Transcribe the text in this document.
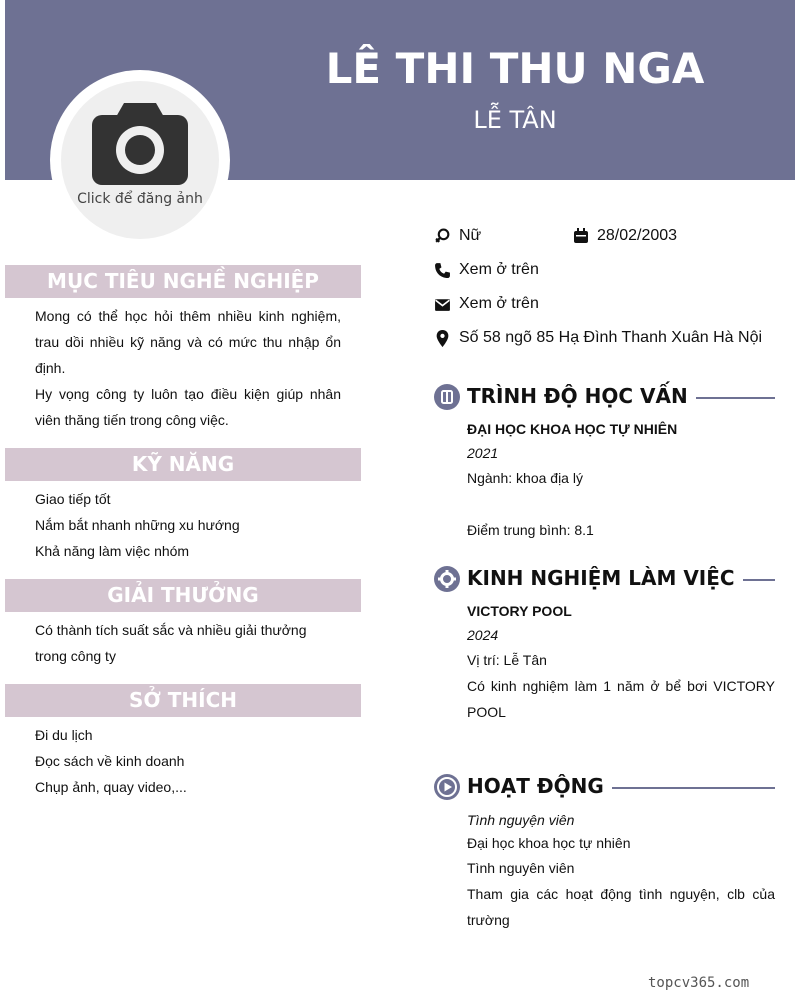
LÊ THI THU NGA
LỄ TÂN
Click để đăng ảnh
MỤC TIÊU NGHỀ NGHIỆP
Mong có thể học hỏi thêm nhiều kinh nghiệm, trau dồi nhiều kỹ năng và có mức thu nhập ổn định.
Hy vọng công ty luôn tạo điều kiện giúp nhân viên thăng tiến trong công việc.
KỸ NĂNG
Giao tiếp tốt
Nắm bắt nhanh những xu hướng
Khả năng làm việc nhóm
GIẢI THƯỞNG
Có thành tích suất sắc và nhiều giải thưởng trong công ty
SỞ THÍCH
Đi du lịch
Đọc sách về kinh doanh
Chụp ảnh, quay video,...
Nữ	28/02/2003
Xem ở trên
Xem ở trên
Số 58 ngõ 85 Hạ Đình Thanh Xuân Hà Nội
TRÌNH ĐỘ HỌC VẤN
ĐẠI HỌC KHOA HỌC TỰ NHIÊN
2021
Ngành: khoa địa lý
Điểm trung bình: 8.1
KINH NGHIỆM LÀM VIỆC
VICTORY POOL
2024
Vị trí: Lễ Tân
Có kinh nghiệm làm 1 năm ở bể bơi VICTORY POOL
HOẠT ĐỘNG
Tình nguyện viên
Đại học khoa học tự nhiên
Tình nguyên viên
Tham gia các hoạt động tình nguyện, clb của trường
topcv365.com
